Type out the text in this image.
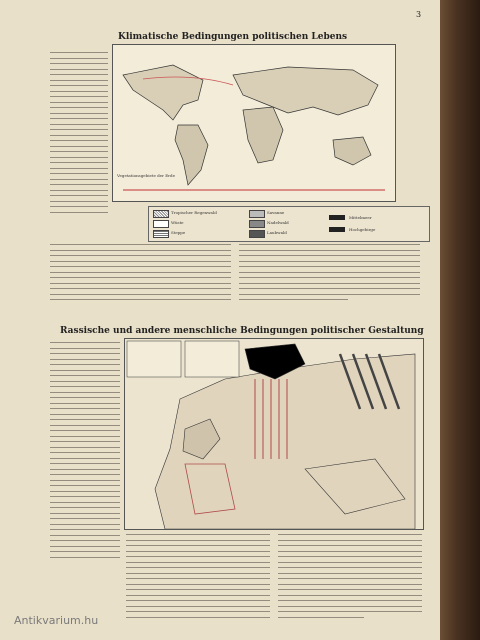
3
Klimatische Bedingungen politischen Lebens
Vegetationsgebiete der Erde
Tropischer Regenwald
Wüste
Steppe
Savanne
Nadelwald
Laubwald
Mittelmeer
Hochgebirge
Rassische und andere menschliche Bedingungen politischer Gestaltung
Antikvarium.hu
